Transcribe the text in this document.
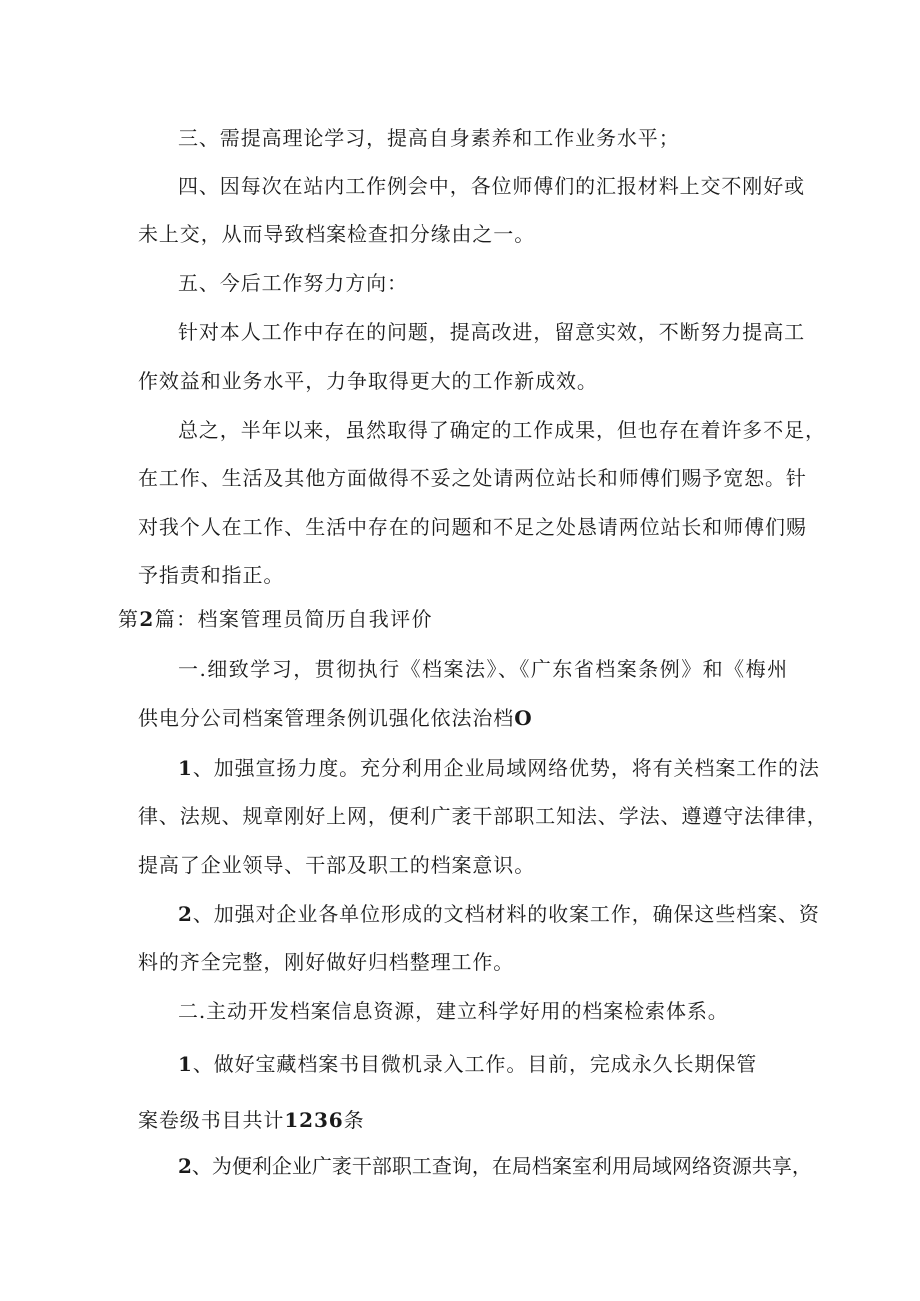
三、需提高理论学习，提高自身素养和工作业务水平；
四、因每次在站内工作例会中，各位师傅们的汇报材料上交不刚好或
未上交，从而导致档案检查扣分缘由之一。
五、今后工作努力方向：
针对本人工作中存在的问题，提高改进，留意实效，不断努力提高工
作效益和业务水平，力争取得更大的工作新成效。
总之，半年以来，虽然取得了确定的工作成果，但也存在着许多不足，
在工作、生活及其他方面做得不妥之处请两位站长和师傅们赐予宽恕。针
对我个人在工作、生活中存在的问题和不足之处恳请两位站长和师傅们赐
予指责和指正。
第2篇：档案管理员简历自我评价
一.细致学习，贯彻执行《档案法》、《广东省档案条例》和《梅州
供电分公司档案管理条例讥强化依法治档O
1、加强宣扬力度。充分利用企业局域网络优势，将有关档案工作的法
律、法规、规章刚好上网，便利广袤干部职工知法、学法、遵遵守法律律，
提高了企业领导、干部及职工的档案意识。
2、加强对企业各单位形成的文档材料的收案工作，确保这些档案、资
料的齐全完整，刚好做好归档整理工作。
二.主动开发档案信息资源，建立科学好用的档案检索体系。
1、做好宝藏档案书目微机录入工作。目前，完成永久长期保管
案卷级书目共计1236条
2、为便利企业广袤干部职工查询，在局档案室利用局域网络资源共享，
